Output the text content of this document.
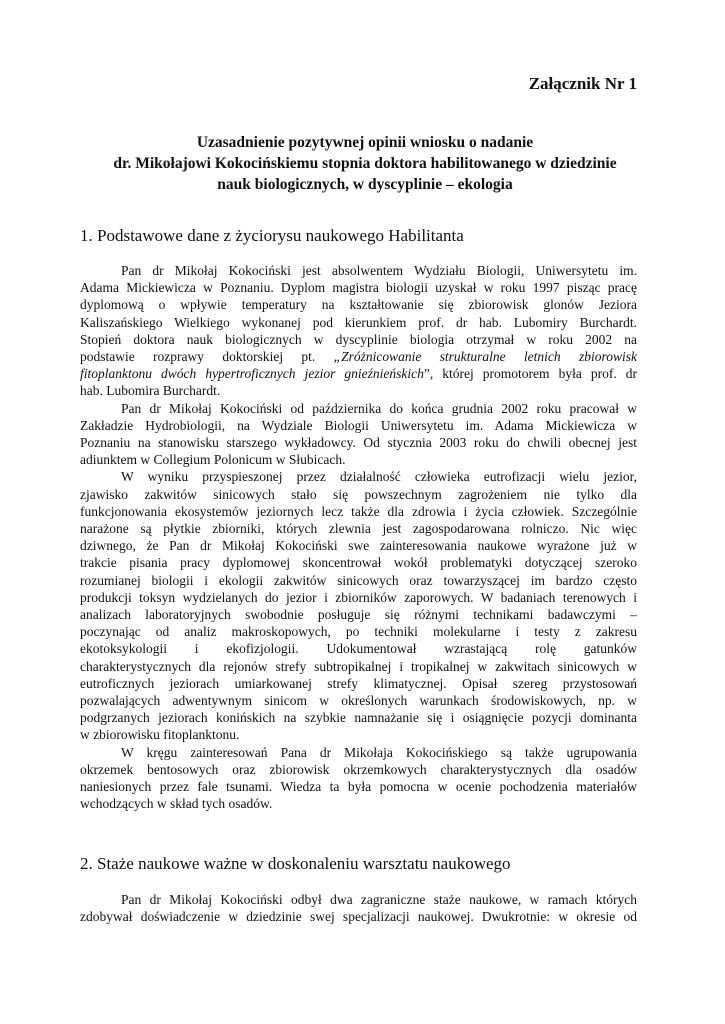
Załącznik Nr 1

Uzasadnienie pozytywnej opinii wniosku o nadanie
dr. Mikołajowi Kokocińskiemu stopnia doktora habilitowanego w dziedzinie
nauk biologicznych, w dyscyplinie – ekologia
1. Podstawowe dane z życiorysu naukowego Habilitanta

Pan dr Mikołaj Kokociński jest absolwentem Wydziału Biologii, Uniwersytetu im.
Adama Mickiewicza w Poznaniu. Dyplom magistra biologii uzyskał w roku 1997 pisząc pracę
dyplomową o wpływie temperatury na kształtowanie się zbiorowisk glonów Jeziora
Kaliszańskiego Wielkiego wykonanej pod kierunkiem prof. dr hab. Lubomiry Burchardt.
Stopień doktora nauk biologicznych w dyscyplinie biologia otrzymał w roku 2002 na
podstawie rozprawy doktorskiej pt. „Zróżnicowanie strukturalne letnich zbiorowisk
fitoplanktonu dwóch hypertroficznych jezior gnieźnieńskich”, której promotorem była prof. dr
hab. Lubomira Burchardt.

Pan dr Mikołaj Kokociński od października do końca grudnia 2002 roku pracował w
Zakładzie Hydrobiologii, na Wydziale Biologii Uniwersytetu im. Adama Mickiewicza w
Poznaniu na stanowisku starszego wykładowcy. Od stycznia 2003 roku do chwili obecnej jest
adiunktem w Collegium Polonicum w Słubicach.

W wyniku przyspieszonej przez działalność człowieka eutrofizacji wielu jezior,
zjawisko zakwitów sinicowych stało się powszechnym zagrożeniem nie tylko dla
funkcjonowania ekosystemów jeziornych lecz także dla zdrowia i życia człowiek. Szczególnie
narażone są płytkie zbiorniki, których zlewnia jest zagospodarowana rolniczo. Nic więc
dziwnego, że Pan dr Mikołaj Kokociński swe zainteresowania naukowe wyrażone już w
trakcie pisania pracy dyplomowej skoncentrował wokół problematyki dotyczącej szeroko
rozumianej biologii i ekologii zakwitów sinicowych oraz towarzyszącej im bardzo często
produkcji toksyn wydzielanych do jezior i zbiorników zaporowych. W badaniach terenowych i
analizach laboratoryjnych swobodnie posługuje się różnymi technikami badawczymi –
poczynając od analiz makroskopowych, po techniki molekularne i testy z zakresu
ekotoksykologii i ekofizjologii. Udokumentował wzrastającą rolę gatunków
charakterystycznych dla rejonów strefy subtropikalnej i tropikalnej w zakwitach sinicowych w
eutroficznych jeziorach umiarkowanej strefy klimatycznej. Opisał szereg przystosowań
pozwalających adwentywnym sinicom w określonych warunkach środowiskowych, np. w
podgrzanych jeziorach konińskich na szybkie namnażanie się i osiągnięcie pozycji dominanta
w zbiorowisku fitoplanktonu.

W kręgu zainteresowań Pana dr Mikołaja Kokocińskiego są także ugrupowania
okrzemek bentosowych oraz zbiorowisk okrzemkowych charakterystycznych dla osadów
naniesionych przez fale tsunami. Wiedza ta była pomocna w ocenie pochodzenia materiałów
wchodzących w skład tych osadów.

2. Staże naukowe ważne w doskonaleniu warsztatu naukowego

Pan dr Mikołaj Kokociński odbył dwa zagraniczne staże naukowe, w ramach których
zdobywał doświadczenie w dziedzinie swej specjalizacji naukowej. Dwukrotnie: w okresie od
